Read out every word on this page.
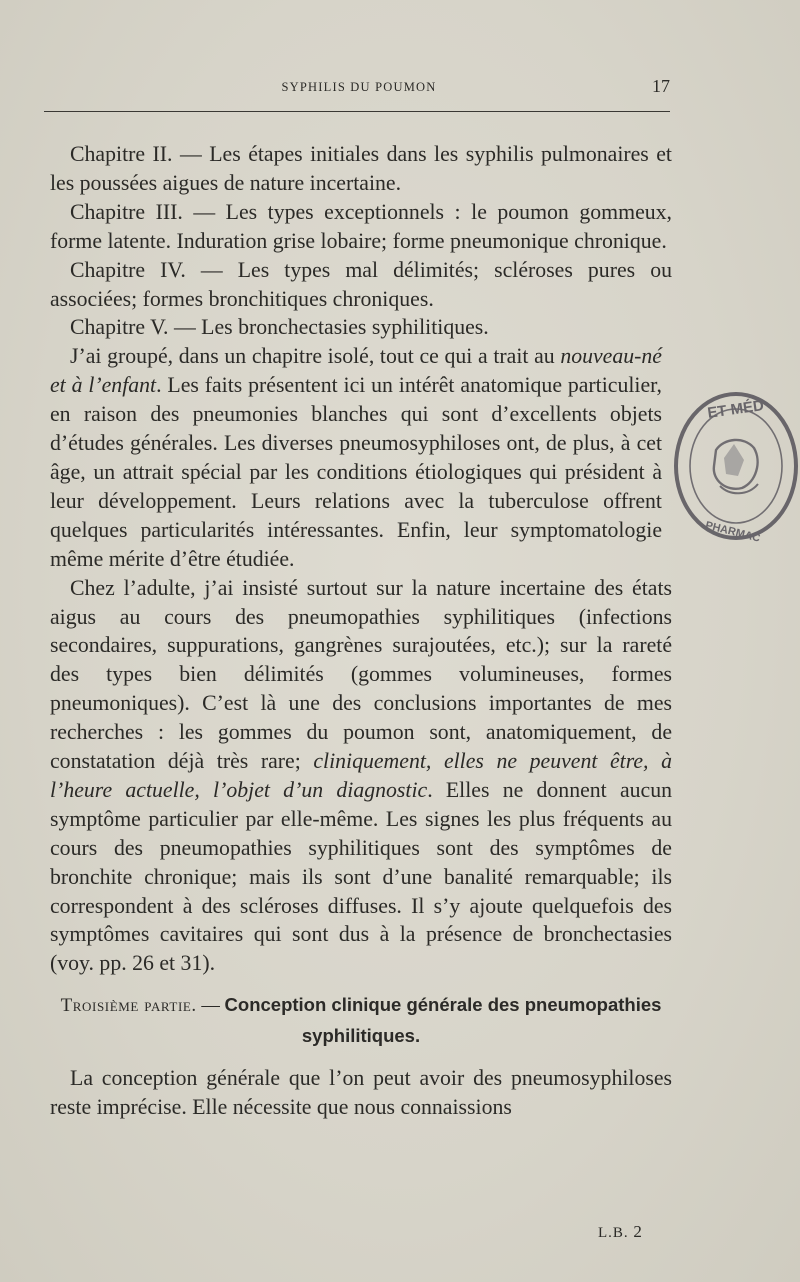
SYPHILIS DU POUMON	17

Chapitre II. — Les étapes initiales dans les syphilis pulmonaires et les poussées aigues de nature incertaine.

Chapitre III. — Les types exceptionnels : le poumon gommeux, forme latente. Induration grise lobaire; forme pneumonique chronique.

Chapitre IV. — Les types mal délimités; scléroses pures ou associées; formes bronchitiques chroniques.

Chapitre V. — Les bronchectasies syphilitiques.

J’ai groupé, dans un chapitre isolé, tout ce qui a trait au nouveau-né et à l’enfant. Les faits présentent ici un intérêt anatomique particulier, en raison des pneumonies blanches qui sont d’excellents objets d’études générales. Les diverses pneumosyphiloses ont, de plus, à cet âge, un attrait spécial par les conditions étiologiques qui président à leur développement. Leurs relations avec la tuberculose offrent quelques particularités intéressantes. Enfin, leur symptomatologie même mérite d’être étudiée.

Chez l’adulte, j’ai insisté surtout sur la nature incertaine des états aigus au cours des pneumopathies syphilitiques (infections secondaires, suppurations, gangrènes surajoutées, etc.); sur la rareté des types bien délimités (gommes volumineuses, formes pneumoniques). C’est là une des conclusions importantes de mes recherches : les gommes du poumon sont, anatomiquement, de constatation déjà très rare; cliniquement, elles ne peuvent être, à l’heure actuelle, l’objet d’un diagnostic. Elles ne donnent aucun symptôme particulier par elle-même. Les signes les plus fréquents au cours des pneumopathies syphilitiques sont des symptômes de bronchite chronique; mais ils sont d’une banalité remarquable; ils correspondent à des scléroses diffuses. Il s’y ajoute quelquefois des symptômes cavitaires qui sont dus à la présence de bronchectasies (voy. pp. 26 et 31).

Troisième partie. — Conception clinique générale des pneumopathies syphilitiques.

La conception générale que l’on peut avoir des pneumosyphiloses reste imprécise. Elle nécessite que nous connaissions

L.B. 2
ET MÉD
PHARMAC
